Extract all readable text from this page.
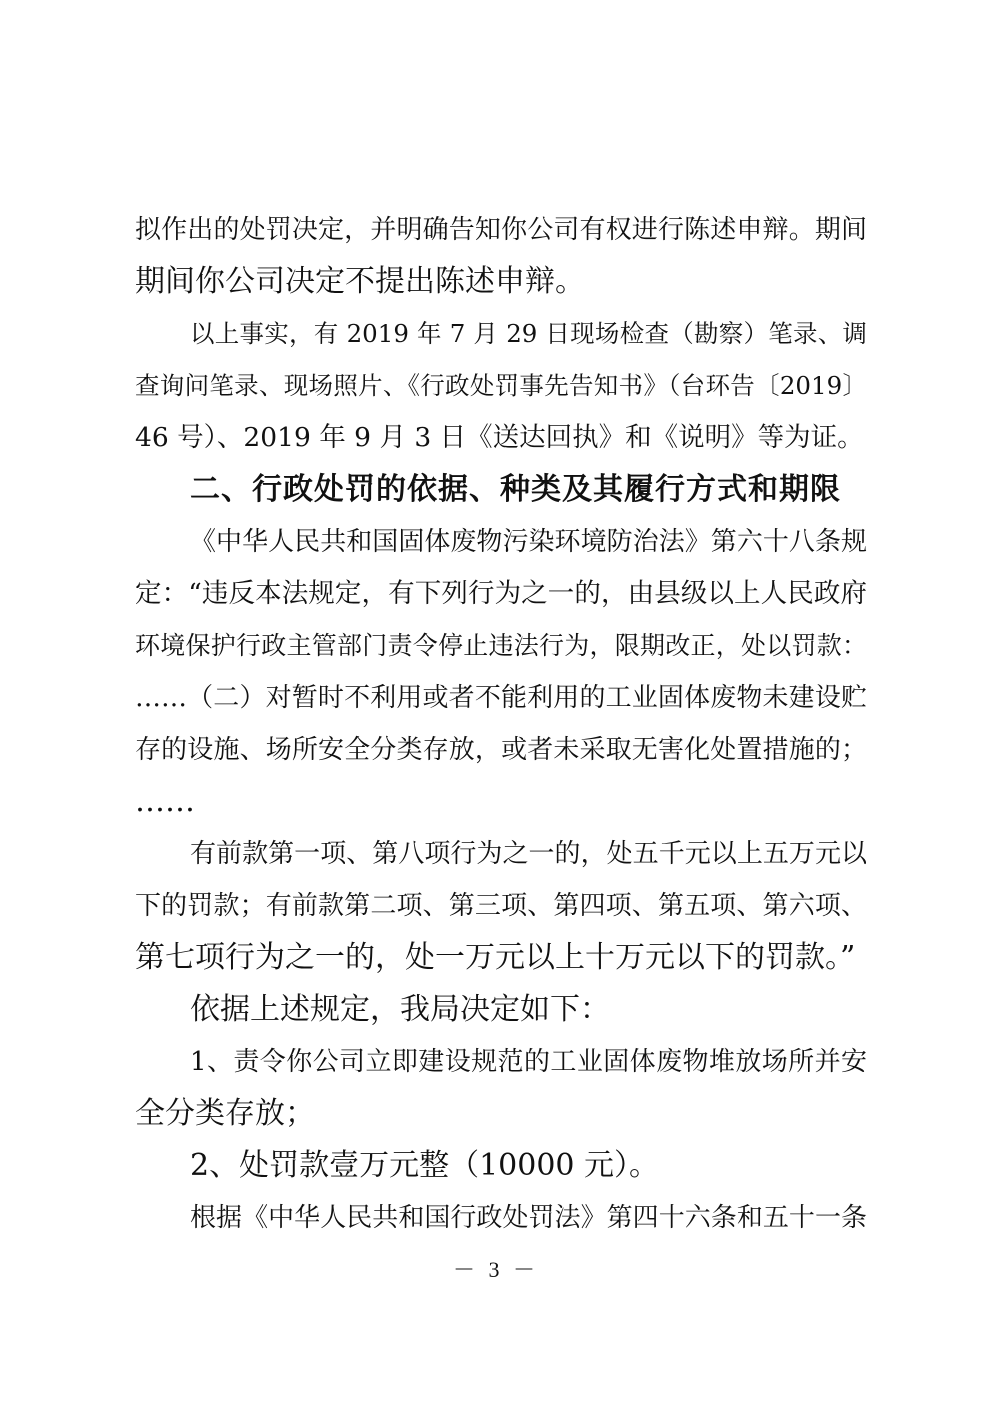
拟作出的处罚决定，并明确告知你公司有权进行陈述申辩。期间
期间你公司决定不提出陈述申辩。
以上事实，有 2019 年 7 月 29 日现场检查（勘察）笔录、调
查询问笔录、现场照片、《行政处罚事先告知书》（台环告〔2019〕
46 号）、2019 年 9 月 3 日《送达回执》和《说明》等为证。
二、行政处罚的依据、种类及其履行方式和期限
《中华人民共和国固体废物污染环境防治法》第六十八条规
定：“违反本法规定，有下列行为之一的，由县级以上人民政府
环境保护行政主管部门责令停止违法行为，限期改正，处以罚款：
……（二）对暂时不利用或者不能利用的工业固体废物未建设贮
存的设施、场所安全分类存放，或者未采取无害化处置措施的；
……
有前款第一项、第八项行为之一的，处五千元以上五万元以
下的罚款；有前款第二项、第三项、第四项、第五项、第六项、
第七项行为之一的，处一万元以上十万元以下的罚款。”
依据上述规定，我局决定如下：
1、责令你公司立即建设规范的工业固体废物堆放场所并安
全分类存放；
2、处罚款壹万元整（10000 元）。
根据《中华人民共和国行政处罚法》第四十六条和五十一条
－ 3 －
